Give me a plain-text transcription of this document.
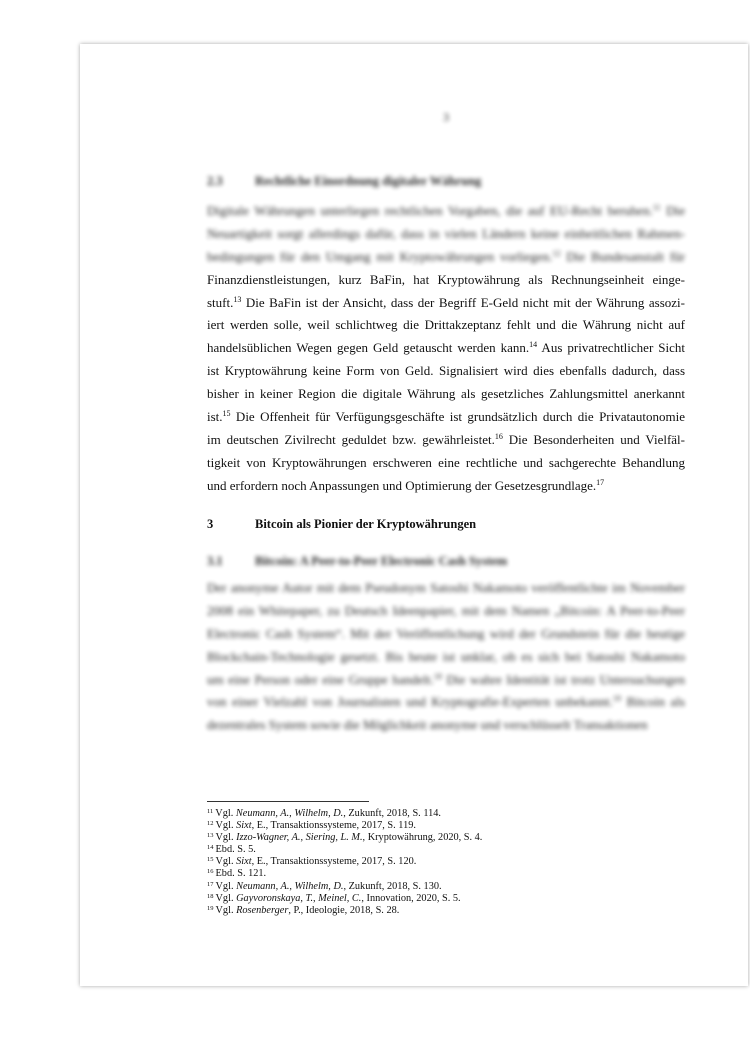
3
2.3	Rechtliche Einordnung digitaler Währung
Digitale Währungen unterliegen rechtlichen Vorgaben, die auf EU-Recht beruhen.$^{11}$ Die
Neuartigkeit sorgt allerdings dafür, dass in vielen Ländern keine einheitlichen Rahmen-
bedingungen für den Umgang mit Kryptowährungen vorliegen.$^{12}$ Die Bundesanstalt für
Finanzdienstleistungen, kurz BaFin, hat Kryptowährung als Rechnungseinheit einge-
stuft.$^{13}$ Die BaFin ist der Ansicht, dass der Begriff E-Geld nicht mit der Währung assozi-
iert werden solle, weil schlichtweg die Drittakzeptanz fehlt und die Währung nicht auf
handelsüblichen Wegen gegen Geld getauscht werden kann.$^{14}$ Aus privatrechtlicher Sicht
ist Kryptowährung keine Form von Geld. Signalisiert wird dies ebenfalls dadurch, dass
bisher in keiner Region die digitale Währung als gesetzliches Zahlungsmittel anerkannt
ist.$^{15}$ Die Offenheit für Verfügungsgeschäfte ist grundsätzlich durch die Privatautonomie
im deutschen Zivilrecht geduldet bzw. gewährleistet.$^{16}$ Die Besonderheiten und Vielfäl-
tigkeit von Kryptowährungen erschweren eine rechtliche und sachgerechte Behandlung
und erfordern noch Anpassungen und Optimierung der Gesetzesgrundlage.$^{17}$
3	Bitcoin als Pionier der Kryptowährungen
3.1	Bitcoin: A Peer-to-Peer Electronic Cash System
Der anonyme Autor mit dem Pseudonym Satoshi Nakamoto veröffentlichte im November
2008 ein Whitepaper, zu Deutsch Ideenpapier, mit dem Namen „Bitcoin: A Peer-to-Peer
Electronic Cash System“. Mit der Veröffentlichung wird der Grundstein für die heutige
Blockchain-Technologie gesetzt. Bis heute ist unklar, ob es sich bei Satoshi Nakamoto
um eine Person oder eine Gruppe handelt.$^{18}$ Die wahre Identität ist trotz Untersuchungen
von einer Vielzahl von Journalisten und Kryptografie-Experten unbekannt.$^{19}$ Bitcoin als
dezentrales System sowie die Möglichkeit anonyme und verschlüsselt Transaktionen
$^{11}$ Vgl. Neumann, A., Wilhelm, D., Zukunft, 2018, S. 114.
$^{12}$ Vgl. Sixt, E., Transaktionssysteme, 2017, S. 119.
$^{13}$ Vgl. Izzo-Wagner, A., Siering, L. M., Kryptowährung, 2020, S. 4.
$^{14}$ Ebd. S. 5.
$^{15}$ Vgl. Sixt, E., Transaktionssysteme, 2017, S. 120.
$^{16}$ Ebd. S. 121.
$^{17}$ Vgl. Neumann, A., Wilhelm, D., Zukunft, 2018, S. 130.
$^{18}$ Vgl. Gayvoronskaya, T., Meinel, C., Innovation, 2020, S. 5.
$^{19}$ Vgl. Rosenberger, P., Ideologie, 2018, S. 28.
